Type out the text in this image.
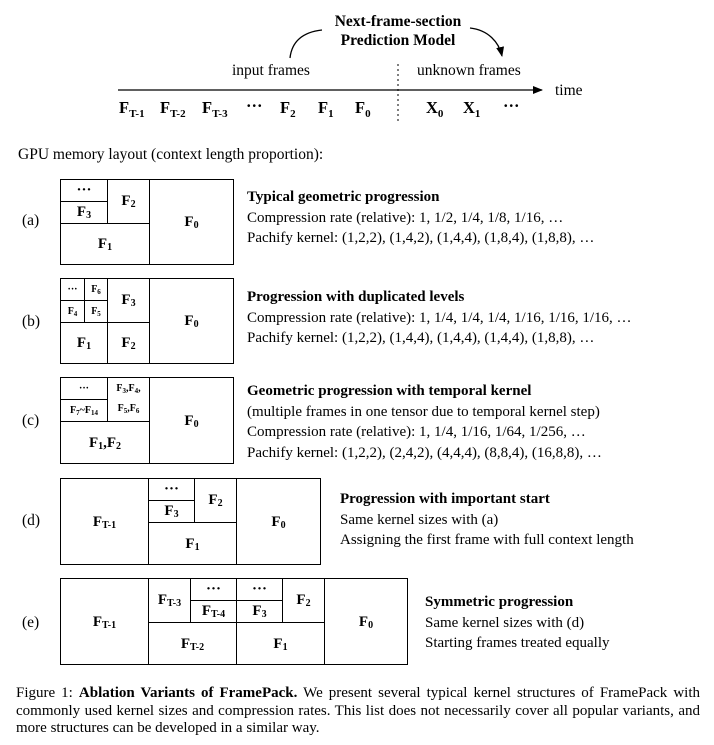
Next-frame-section
Prediction Model
input frames	unknown frames
time
$F_{T-1}$ $F_{T-2}$ $F_{T-3}$ ··· $F_2$ $F_1$ $F_0$	$X_0$ $X_1$ ···
GPU memory layout (context length proportion):
(a)
···
$F_3$
$F_2$
$F_1$
$F_0$
Typical geometric progression
Compression rate (relative): 1, 1/2, 1/4, 1/8, 1/16, …
Pachify kernel: (1,2,2), (1,4,2), (1,4,4), (1,8,4), (1,8,8), …
(b)
··· $F_6$
$F_4$ $F_5$
$F_3$
$F_1$ $F_2$
$F_0$
Progression with duplicated levels
Compression rate (relative): 1, 1/4, 1/4, 1/4, 1/16, 1/16, 1/16, …
Pachify kernel: (1,2,2), (1,4,4), (1,4,4), (1,4,4), (1,8,8), …
(c)
···	$F_3$ $,F_4$ ,
$F_7$ $\sim F_{14}$ $F_5$ $,F_6$
$F_1$ $,F_2$
$F_0$
Geometric progression with temporal kernel
(multiple frames in one tensor due to temporal kernel step)
Compression rate (relative): 1, 1/4, 1/16, 1/64, 1/256, …
Pachify kernel: (1,2,2), (2,4,2), (4,4,4), (8,8,4), (16,8,8), …
(d)	$F_{T-1}$
···
$F_3$
$F_2$
$F_1$
$F_0$
Progression with important start
Same kernel sizes with (a)
Assigning the first frame with full context length
(e)	$F_{T-1}$
$F_{T-3}$
···
$F_{T-4}$
$F_{T-2}$
···
$F_3$
$F_2$
$F_1$
$F_0$
Symmetric progression
Same kernel sizes with (d)
Starting frames treated equally
Figure 1: Ablation Variants of FramePack. We present several typical kernel structures of FramePack with commonly used kernel sizes and compression rates. This list does not necessarily cover all popular variants, and more structures can be developed in a similar way.
